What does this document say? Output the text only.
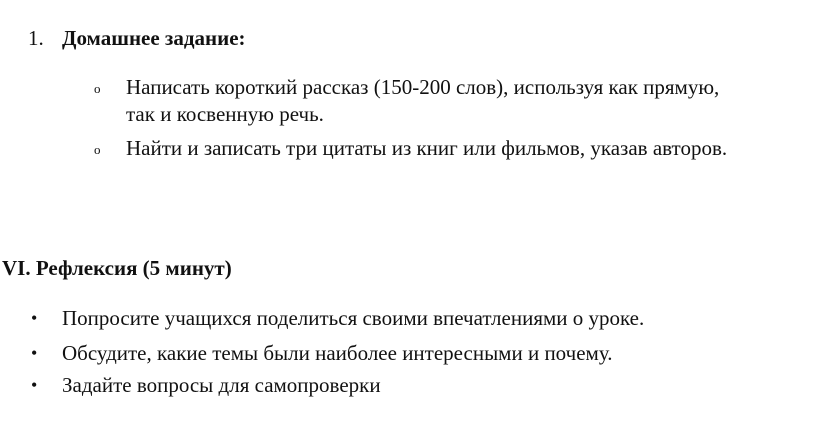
1. Домашнее задание:
o Написать короткий рассказ (150-200 слов), используя как прямую,
так и косвенную речь.
o Найти и записать три цитаты из книг или фильмов, указав авторов.
VI. Рефлексия (5 минут)
• Попросите учащихся поделиться своими впечатлениями о уроке.
• Обсудите, какие темы были наиболее интересными и почему.
• Задайте вопросы для самопроверки
